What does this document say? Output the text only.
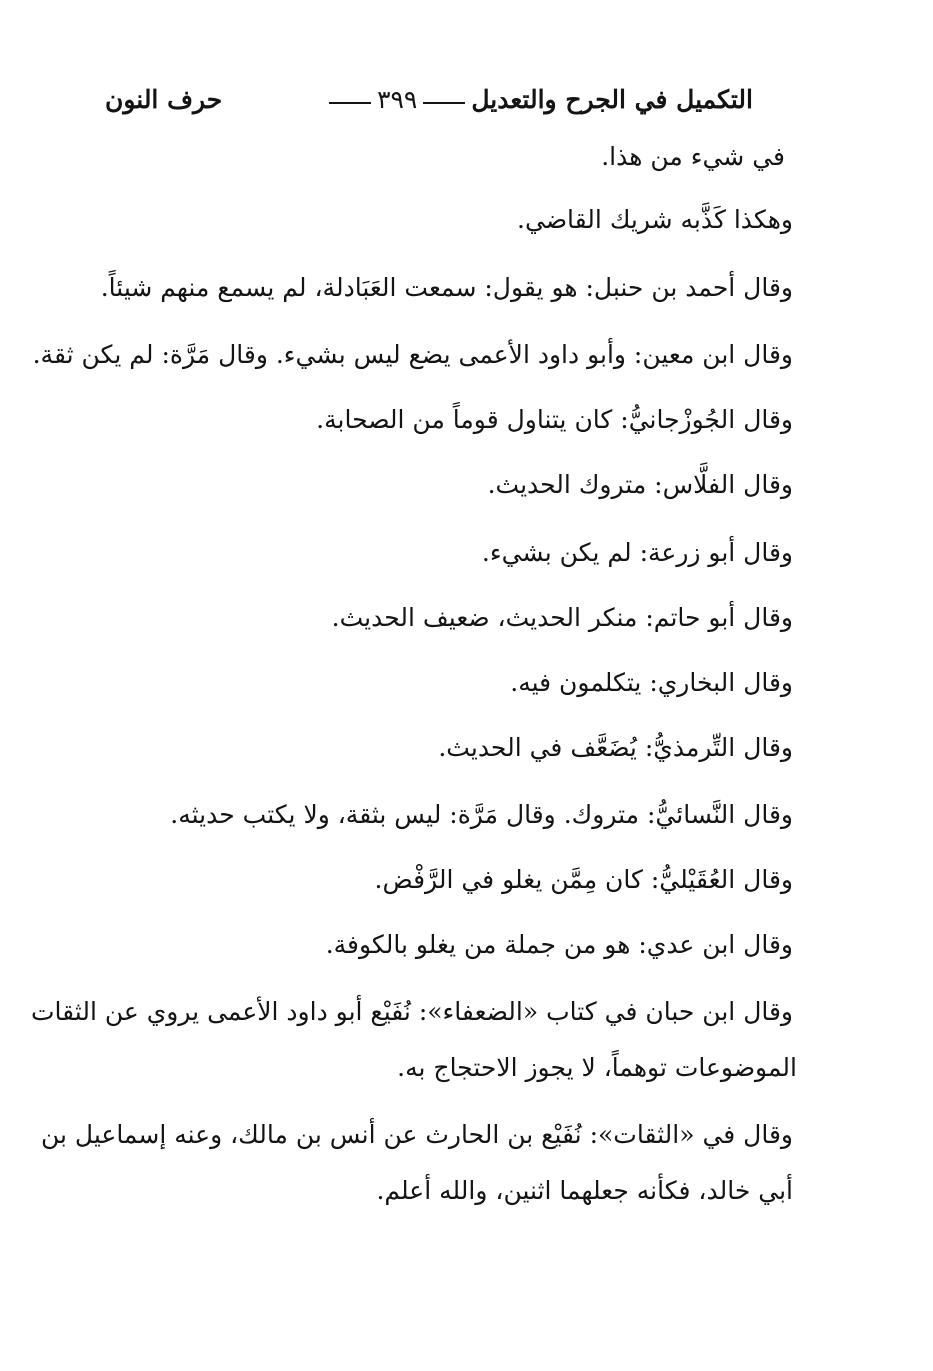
التكميل في الجرح والتعديل
٣٩٩
حرف النون
في شيء من هذا.
وهكذا كَذَّبه شريك القاضي.
وقال أحمد بن حنبل: هو يقول: سمعت العَبَادلة، لم يسمع منهم شيئاً.
وقال ابن معين: وأبو داود الأعمى يضع ليس بشيء. وقال مَرَّة: لم يكن ثقة.
وقال الجُوزْجانيُّ: كان يتناول قوماً من الصحابة.
وقال الفلَّاس: متروك الحديث.
وقال أبو زرعة: لم يكن بشيء.
وقال أبو حاتم: منكر الحديث، ضعيف الحديث.
وقال البخاري: يتكلمون فيه.
وقال التِّرمذيُّ: يُضَعَّف في الحديث.
وقال النَّسائيُّ: متروك. وقال مَرَّة: ليس بثقة، ولا يكتب حديثه.
وقال العُقَيْليُّ: كان مِمَّن يغلو في الرَّفْض.
وقال ابن عدي: هو من جملة من يغلو بالكوفة.
وقال ابن حبان في كتاب «الضعفاء»: نُفَيْع أبو داود الأعمى يروي عن الثقات
الموضوعات توهماً، لا يجوز الاحتجاج به.
وقال في «الثقات»: نُفَيْع بن الحارث عن أنس بن مالك، وعنه إسماعيل بن
أبي خالد، فكأنه جعلهما اثنين، والله أعلم.
